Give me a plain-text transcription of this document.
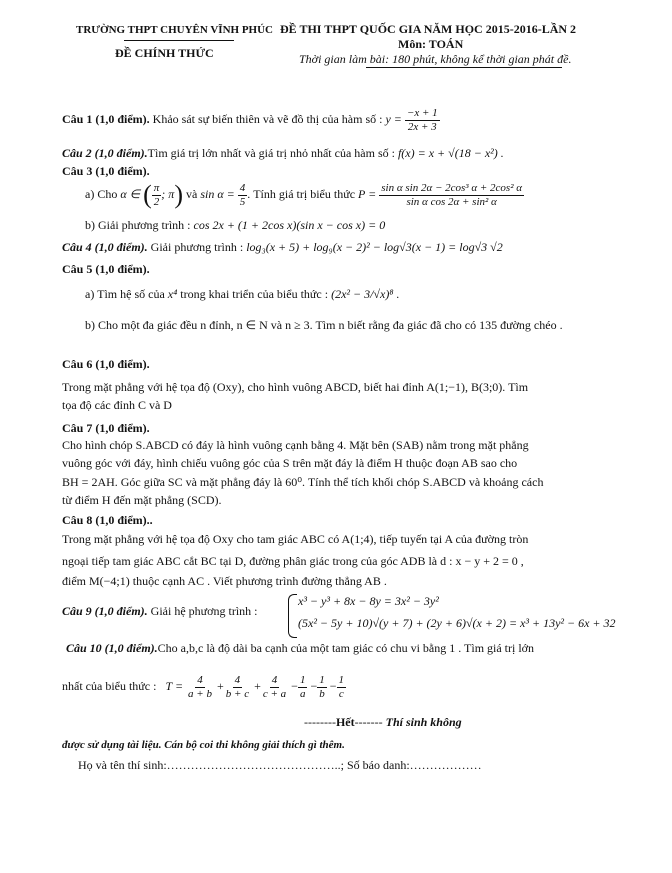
TRƯỜNG THPT CHUYÊN VĨNH PHÚC
ĐỀ CHÍNH THỨC
ĐỀ THI THPT QUỐC GIA NĂM HỌC 2015-2016-LẦN 2
Môn: TOÁN
Thời gian làm bài: 180 phút, không kể thời gian phát đề.
Câu 1 (1,0 điểm). Khảo sát sự biến thiên và vẽ đồ thị của hàm số : $y = \frac{-x + 1}{2x + 3}$
Câu 2 (1,0 điểm).Tìm giá trị lớn nhất và giá trị nhỏ nhất của hàm số : f(x) = x + √(18 − x²) .
Câu 3 (1,0 điểm).
a) Cho α ∈ ( $\frac{\pi}{2}$ ; π) và $\sin \alpha = \frac{4}{5}$ . Tính giá trị biểu thức $P = \frac{\text{sin α sin 2α − 2cos³ α + 2cos² α}}{\text{sin α cos 2α + sin² α}}$
b) Giải phương trình : cos 2x + (1 + 2cos x)(sin x − cos x) = 0
Câu 4 (1,0 điểm). Giải phương trình : log₃(x + 5) + log₉(x − 2)² − log√3(x − 1) = log√3 √2
Câu 5 (1,0 điểm).
a) Tìm hệ số của x⁴ trong khai triển của biểu thức : (2x² − 3/√x)⁸ .
b) Cho một đa giác đều n đỉnh, n ∈ N và n ≥ 3. Tìm n biết rằng đa giác đã cho có 135 đường chéo .
Câu 6 (1,0 điểm).
Trong mặt phẳng với hệ tọa độ (Oxy), cho hình vuông ABCD, biết hai đỉnh A(1;−1), B(3;0). Tìm
tọa độ các đỉnh C và D
Câu 7 (1,0 điểm).
Cho hình chóp S.ABCD có đáy là hình vuông cạnh bằng 4. Mặt bên (SAB) nằm trong mặt phẳng
vuông góc với đáy, hình chiếu vuông góc của S trên mặt đáy là điểm H thuộc đoạn AB sao cho
BH = 2AH. Góc giữa SC và mặt phẳng đáy là 60⁰. Tính thể tích khối chóp S.ABCD và khoảng cách
từ điểm H đến mặt phẳng (SCD).
Câu 8 (1,0 điểm)..
Trong mặt phẳng với hệ tọa độ Oxy cho tam giác ABC có A(1;4), tiếp tuyến tại A của đường tròn
ngoại tiếp tam giác ABC cắt BC tại D, đường phân giác trong của góc ADB là d : x − y + 2 = 0 ,
điểm M(−4;1) thuộc cạnh AC . Viết phương trình đường thẳng AB .
Câu 9 (1,0 điểm). Giải hệ phương trình :
x³ − y³ + 8x − 8y = 3x² − 3y²
(5x² − 5y + 10)√(y + 7) + (2y + 6)√(x + 2) = x³ + 13y² − 6x + 32
Câu 10 (1,0 điểm).Cho a,b,c là độ dài ba cạnh của một tam giác có chu vi bằng 1 . Tìm giá trị lớn
nhất của biểu thức : $T = \frac{4}{a + b} + \frac{4}{b + c} + \frac{4}{c + a} - \frac{1}{a} - \frac{1}{b} - \frac{1}{c}$
--------Hết------- Thí sinh không
được sử dụng tài liệu. Cán bộ coi thi không giải thích gì thêm.
Họ và tên thí sinh:……………………………………..; Số báo danh:………………
